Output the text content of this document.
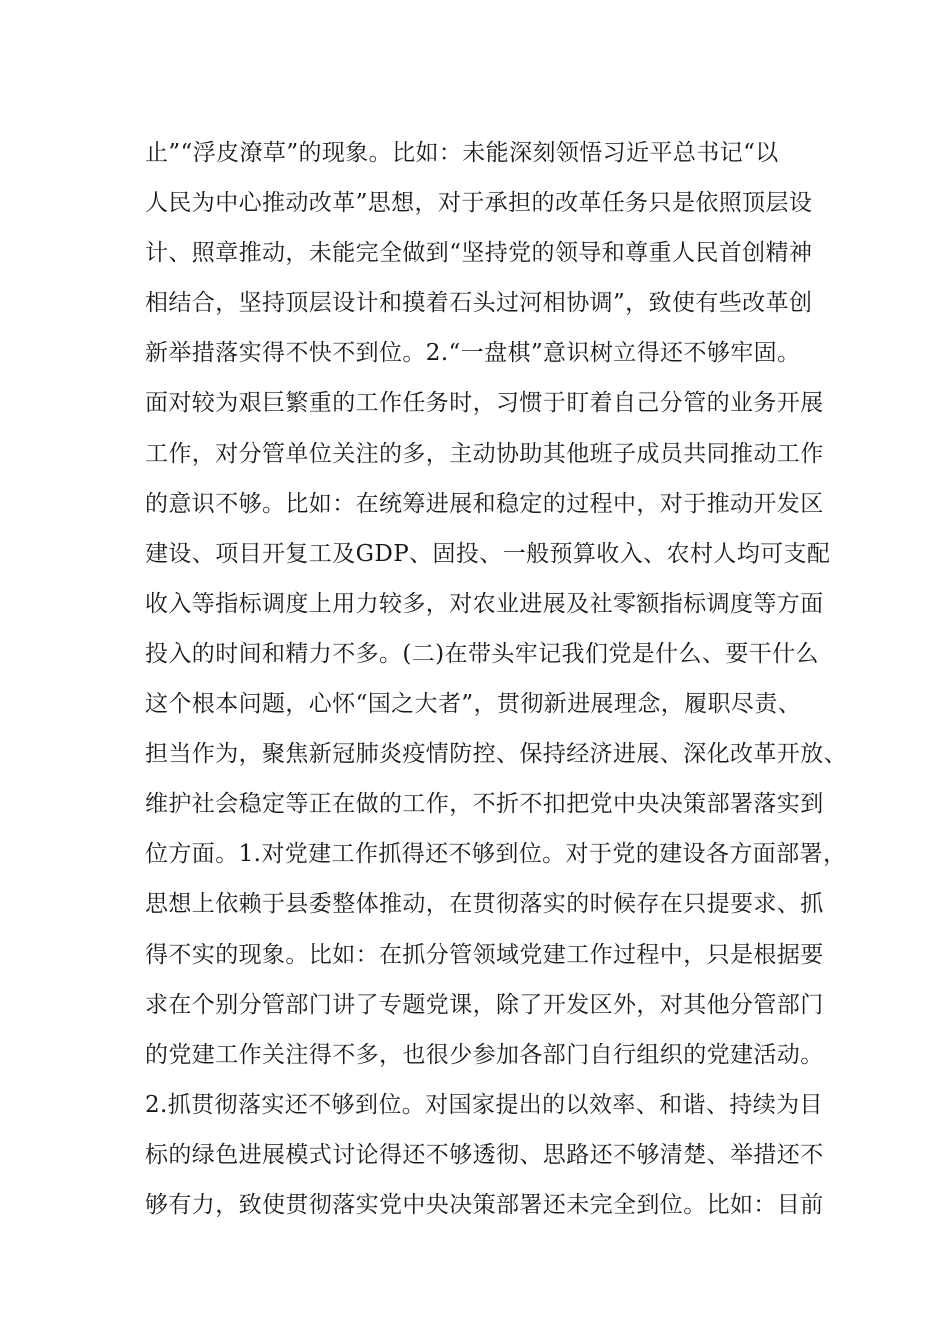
止”“浮皮潦草”的现象。比如：未能深刻领悟习近平总书记“以
人民为中心推动改革”思想，对于承担的改革任务只是依照顶层设
计、照章推动，未能完全做到“坚持党的领导和尊重人民首创精神
相结合，坚持顶层设计和摸着石头过河相协调”，致使有些改革创
新举措落实得不快不到位。2.“一盘棋”意识树立得还不够牢固。
面对较为艰巨繁重的工作任务时，习惯于盯着自己分管的业务开展
工作，对分管单位关注的多，主动协助其他班子成员共同推动工作
的意识不够。比如：在统筹进展和稳定的过程中，对于推动开发区
建设、项目开复工及GDP、固投、一般预算收入、农村人均可支配
收入等指标调度上用力较多，对农业进展及社零额指标调度等方面
投入的时间和精力不多。(二)在带头牢记我们党是什么、要干什么
这个根本问题，心怀“国之大者”，贯彻新进展理念，履职尽责、
担当作为，聚焦新冠肺炎疫情防控、保持经济进展、深化改革开放、
维护社会稳定等正在做的工作，不折不扣把党中央决策部署落实到
位方面。1.对党建工作抓得还不够到位。对于党的建设各方面部署，
思想上依赖于县委整体推动，在贯彻落实的时候存在只提要求、抓
得不实的现象。比如：在抓分管领域党建工作过程中，只是根据要
求在个别分管部门讲了专题党课，除了开发区外，对其他分管部门
的党建工作关注得不多，也很少参加各部门自行组织的党建活动。
2.抓贯彻落实还不够到位。对国家提出的以效率、和谐、持续为目
标的绿色进展模式讨论得还不够透彻、思路还不够清楚、举措还不
够有力，致使贯彻落实党中央决策部署还未完全到位。比如：目前
